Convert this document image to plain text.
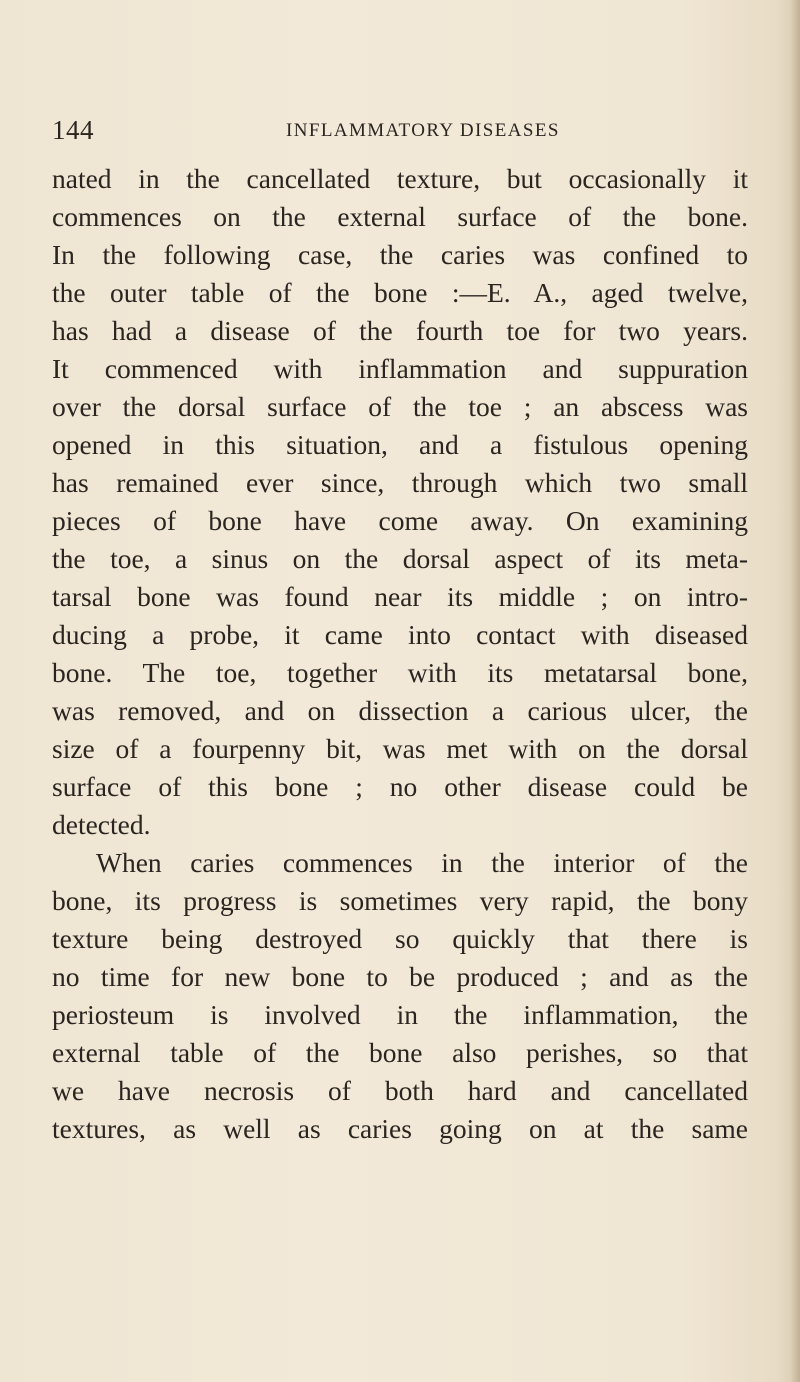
144	INFLAMMATORY DISEASES
nated in the cancellated texture, but occasionally it
commences on the external surface of the bone.
In the following case, the caries was confined to
the outer table of the bone :—E. A., aged twelve,
has had a disease of the fourth toe for two years.
It commenced with inflammation and suppuration
over the dorsal surface of the toe ; an abscess was
opened in this situation, and a fistulous opening
has remained ever since, through which two small
pieces of bone have come away. On examining
the toe, a sinus on the dorsal aspect of its meta-
tarsal bone was found near its middle ; on intro-
ducing a probe, it came into contact with diseased
bone. The toe, together with its metatarsal bone,
was removed, and on dissection a carious ulcer, the
size of a fourpenny bit, was met with on the dorsal
surface of this bone ; no other disease could be
detected.
When caries commences in the interior of the
bone, its progress is sometimes very rapid, the bony
texture being destroyed so quickly that there is
no time for new bone to be produced ; and as the
periosteum is involved in the inflammation, the
external table of the bone also perishes, so that
we have necrosis of both hard and cancellated
textures, as well as caries going on at the same
